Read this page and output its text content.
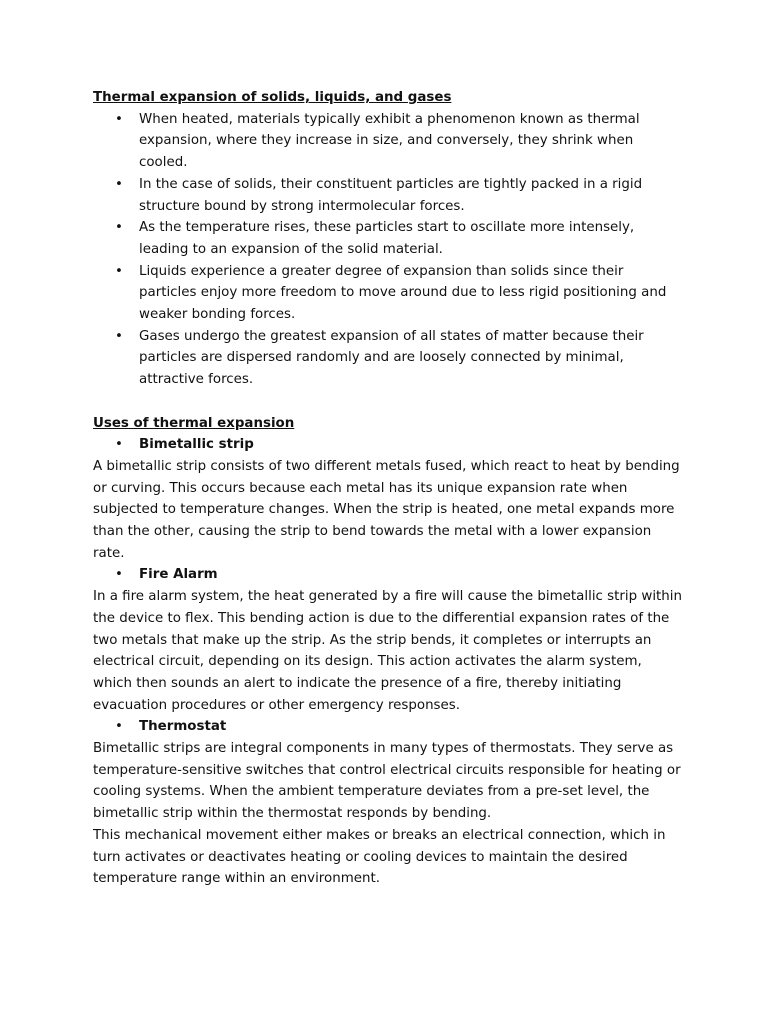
Thermal expansion of solids, liquids, and gases
• When heated, materials typically exhibit a phenomenon known as thermal expansion, where they increase in size, and conversely, they shrink when cooled.
• In the case of solids, their constituent particles are tightly packed in a rigid structure bound by strong intermolecular forces.
• As the temperature rises, these particles start to oscillate more intensely, leading to an expansion of the solid material.
• Liquids experience a greater degree of expansion than solids since their particles enjoy more freedom to move around due to less rigid positioning and weaker bonding forces.
• Gases undergo the greatest expansion of all states of matter because their particles are dispersed randomly and are loosely connected by minimal, attractive forces.
Uses of thermal expansion
• Bimetallic strip

A bimetallic strip consists of two different metals fused, which react to heat by bending or curving. This occurs because each metal has its unique expansion rate when subjected to temperature changes. When the strip is heated, one metal expands more than the other, causing the strip to bend towards the metal with a lower expansion rate.

• Fire Alarm

In a fire alarm system, the heat generated by a fire will cause the bimetallic strip within the device to flex. This bending action is due to the differential expansion rates of the two metals that make up the strip. As the strip bends, it completes or interrupts an electrical circuit, depending on its design. This action activates the alarm system, which then sounds an alert to indicate the presence of a fire, thereby initiating evacuation procedures or other emergency responses.

• Thermostat

Bimetallic strips are integral components in many types of thermostats. They serve as temperature-sensitive switches that control electrical circuits responsible for heating or cooling systems. When the ambient temperature deviates from a pre-set level, the bimetallic strip within the thermostat responds by bending.

This mechanical movement either makes or breaks an electrical connection, which in turn activates or deactivates heating or cooling devices to maintain the desired temperature range within an environment.
